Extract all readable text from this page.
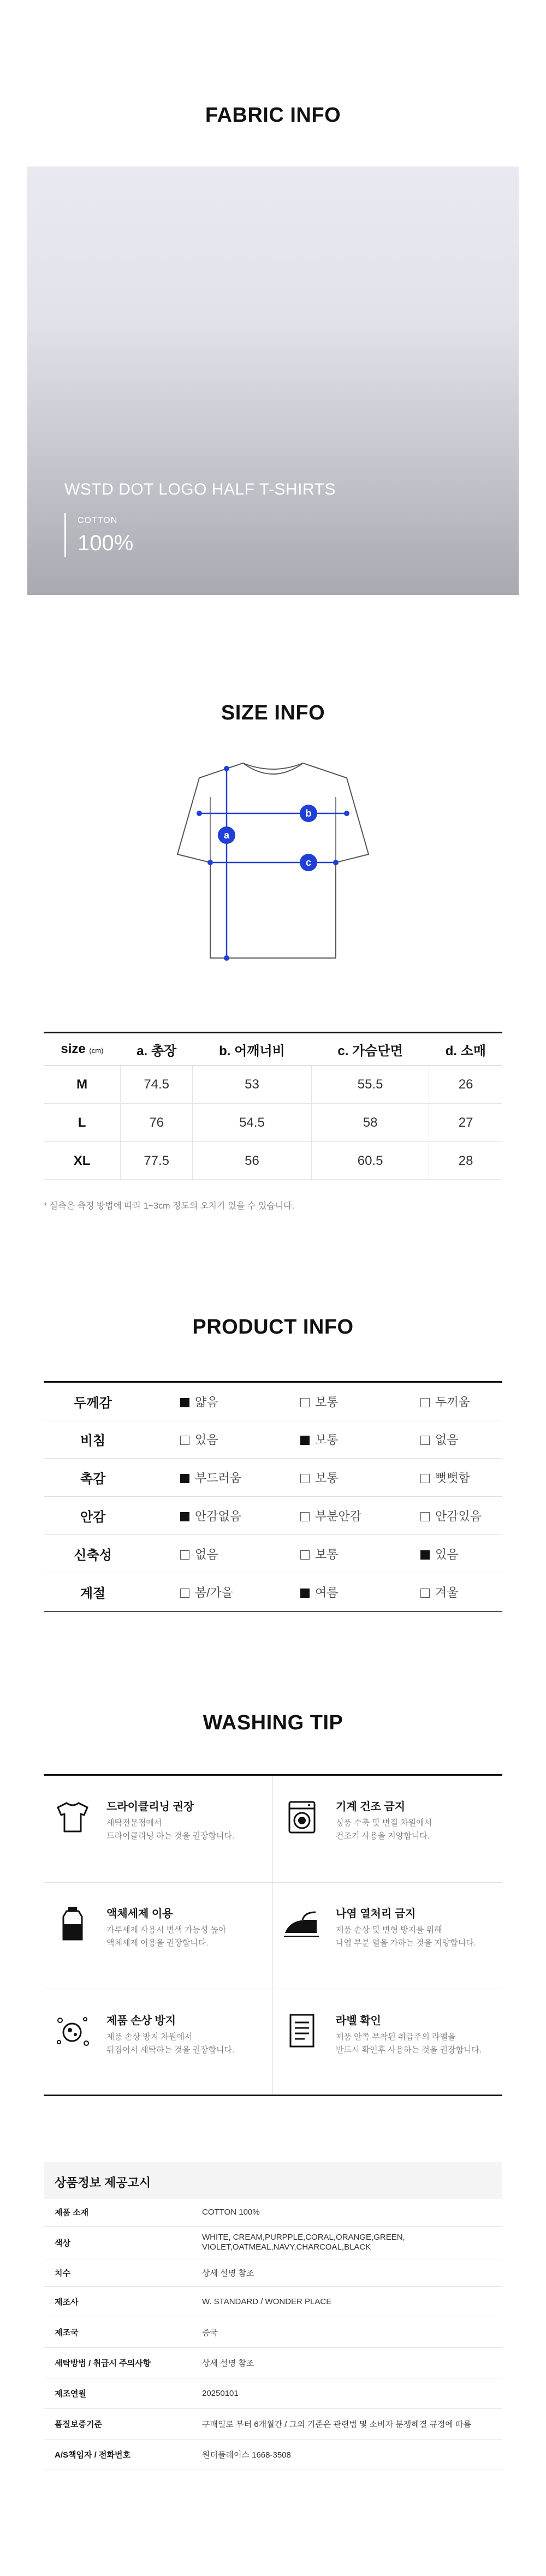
FABRIC INFO
WSTD DOT LOGO HALF T-SHIRTS
COTTON
100%
SIZE INFO
a
b
c
size (cm)	a. 총장	b. 어깨너비	c. 가슴단면	d. 소매
M	74.5	53	55.5	26
L	76	54.5	58	27
XL	77.5	56	60.5	28
* 실측은 측정 방법에 따라 1~3cm 정도의 오차가 있을 수 있습니다.
PRODUCT INFO
두께감	얇음	보통	두꺼움
비침	있음	보통	없음
촉감	부드러움	보통	뻣뻣함
안감	안감없음	부분안감	안감있음
신축성	없음	보통	있음
계절	봄/가을	여름	겨울
WASHING TIP
드라이클리닝 권장
세탁전문점에서
드라이클리닝 하는 것을 권장합니다.
기계 건조 금지
싱품 수축 및 변질 차원에서
건조기 사용을 지양합니다.
액체세제 이용
가루세제 사용시 변색 가능성 높아
액체세제 이용을 권장합니다.
나염 열처리 금지
제품 손상 및 변형 방지를 위해
나염 부분 열을 가하는 것을 지양합니다.
제품 손상 방지
제품 손상 방지 차원에서
뒤집어서 세탁하는 것을 권장합니다.
라벨 확인
제품 안쪽 부착된 취급주의 라벨을
반드시 확인후 사용하는 것을 권장합니다.
상품정보 제공고시
제품 소재	COTTON 100%
색상	WHITE, CREAM,PURPPLE,CORAL,ORANGE,GREEN, VIOLET,OATMEAL,NAVY,CHARCOAL,BLACK
치수	상세 설명 참조
제조사	W. STANDARD / WONDER PLACE
제조국	중국
세탁방법 / 취급시 주의사항	상세 설명 참조
제조연월	20250101
품질보증기준	구매일로 부터 6개월간 / 그외 기준은 관련법 및 소비자 분쟁해결 규정에 따름
A/S책임자 / 전화번호	원더플레이스 1668-3508
